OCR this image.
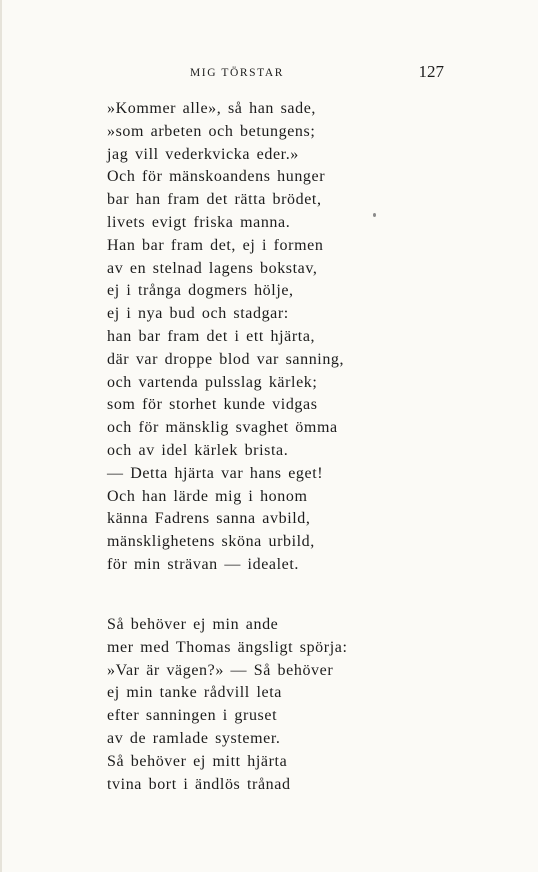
MIG TÖRSTAR	127
»Kommer alle», så han sade,
»som arbeten och betungens;
jag vill vederkvicka eder.»
Och för mänskoandens hunger
bar han fram det rätta brödet,
livets evigt friska manna.
Han bar fram det, ej i formen
av en stelnad lagens bokstav,
ej i trånga dogmers hölje,
ej i nya bud och stadgar:
han bar fram det i ett hjärta,
där var droppe blod var sanning,
och vartenda pulsslag kärlek;
som för storhet kunde vidgas
och för mänsklig svaghet ömma
och av idel kärlek brista.
— Detta hjärta var hans eget!
Och han lärde mig i honom
känna Fadrens sanna avbild,
mänsklighetens sköna urbild,
för min strävan — idealet.
Så behöver ej min ande
mer med Thomas ängsligt spörja:
»Var är vägen?» — Så behöver
ej min tanke rådvill leta
efter sanningen i gruset
av de ramlade systemer.
Så behöver ej mitt hjärta
tvina bort i ändlös trånad
